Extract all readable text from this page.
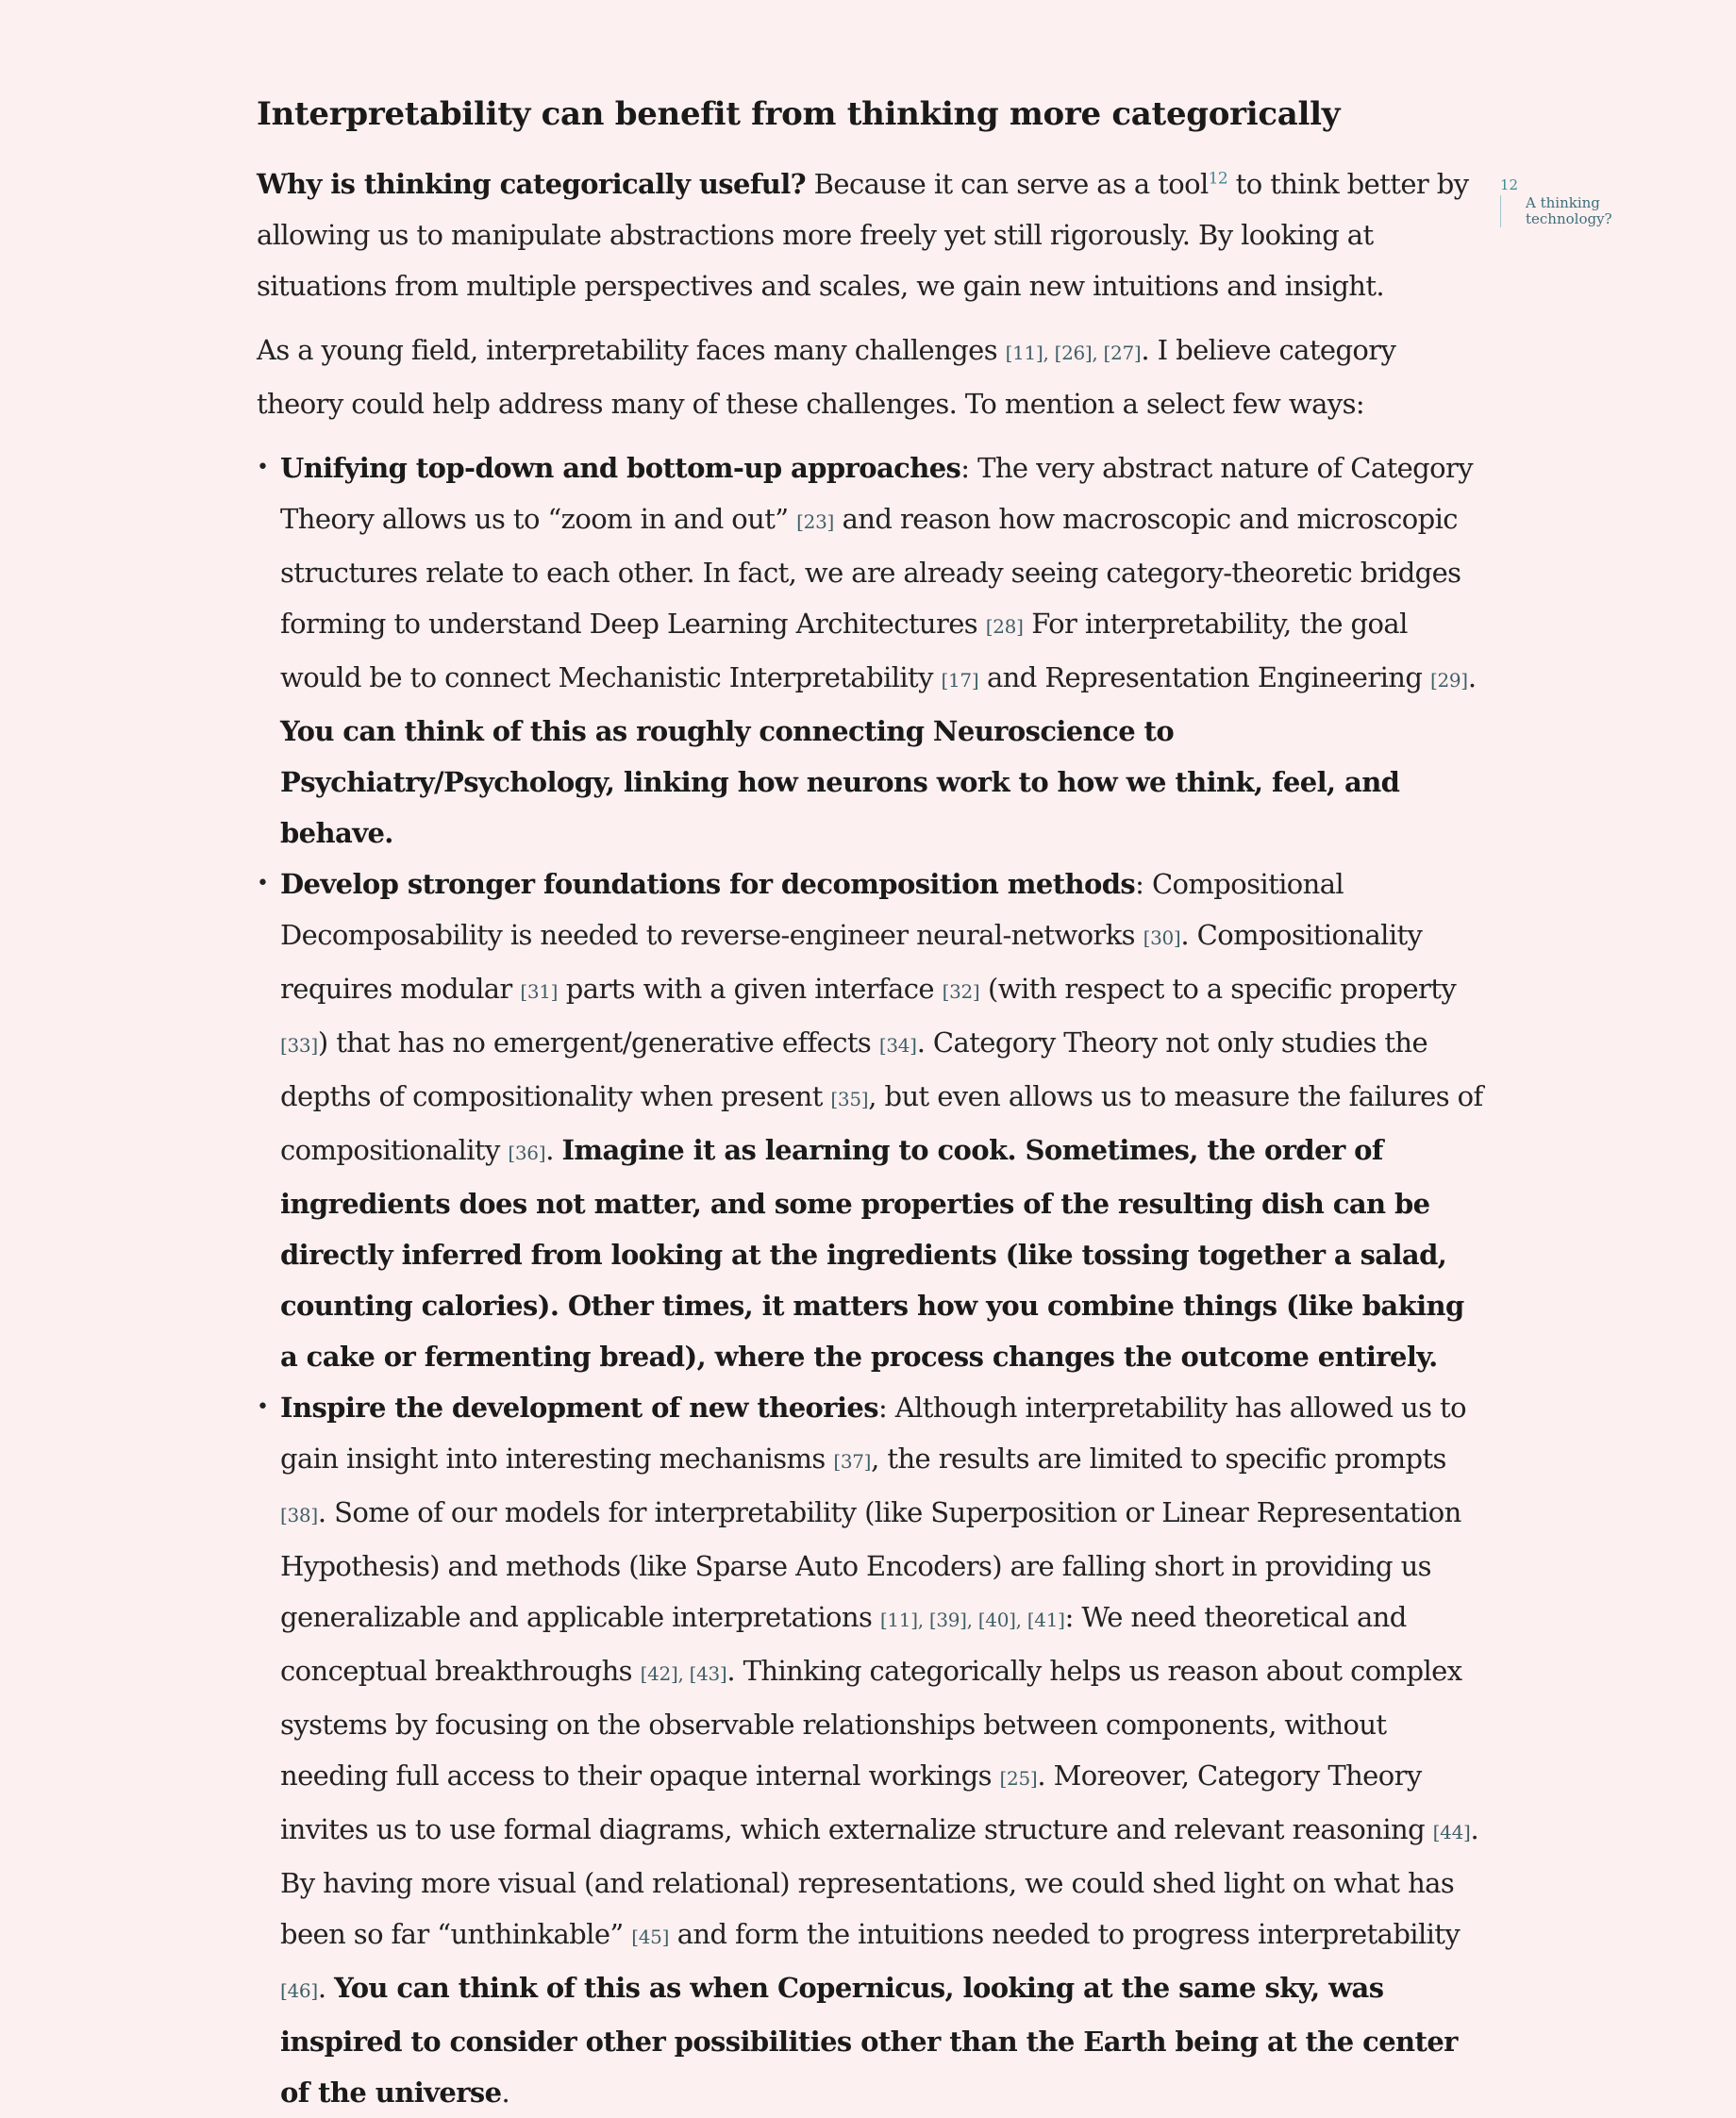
Interpretability can benefit from thinking more categorically

Why is thinking categorically useful? Because it can serve as a tool$^{12}$ to think better by allowing us to manipulate abstractions more freely yet still rigorously. By looking at situations from multiple perspectives and scales, we gain new intuitions and insight.

As a young field, interpretability faces many challenges [11], [26], [27]. I believe category theory could help address many of these challenges. To mention a select few ways:

• Unifying top-down and bottom-up approaches: The very abstract nature of Category Theory allows us to “zoom in and out” [23] and reason how macroscopic and microscopic structures relate to each other. In fact, we are already seeing category-theoretic bridges forming to understand Deep Learning Architectures [28] For interpretability, the goal would be to connect Mechanistic Interpretability [17] and Representation Engineering [29]. You can think of this as roughly connecting Neuroscience to Psychiatry/Psychology, linking how neurons work to how we think, feel, and behave.
• Develop stronger foundations for decomposition methods: Compositional Decomposability is needed to reverse-engineer neural-networks [30]. Compositionality requires modular [31] parts with a given interface [32] (with respect to a specific property [33]) that has no emergent/generative effects [34]. Category Theory not only studies the depths of compositionality when present [35], but even allows us to measure the failures of compositionality [36]. Imagine it as learning to cook. Sometimes, the order of ingredients does not matter, and some properties of the resulting dish can be directly inferred from looking at the ingredients (like tossing together a salad, counting calories). Other times, it matters how you combine things (like baking a cake or fermenting bread), where the process changes the outcome entirely.
• Inspire the development of new theories: Although interpretability has allowed us to gain insight into interesting mechanisms [37], the results are limited to specific prompts [38]. Some of our models for interpretability (like Superposition or Linear Representation Hypothesis) and methods (like Sparse Auto Encoders) are falling short in providing us generalizable and applicable interpretations [11], [39], [40], [41]: We need theoretical and conceptual breakthroughs [42], [43]. Thinking categorically helps us reason about complex systems by focusing on the observable relationships between components, without needing full access to their opaque internal workings [25]. Moreover, Category Theory invites us to use formal diagrams, which externalize structure and relevant reasoning [44]. By having more visual (and relational) representations, we could shed light on what has been so far “unthinkable” [45] and form the intuitions needed to progress interpretability [46]. You can think of this as when Copernicus, looking at the same sky, was inspired to consider other possibilities other than the Earth being at the center of the universe.
12
A thinking technology?
